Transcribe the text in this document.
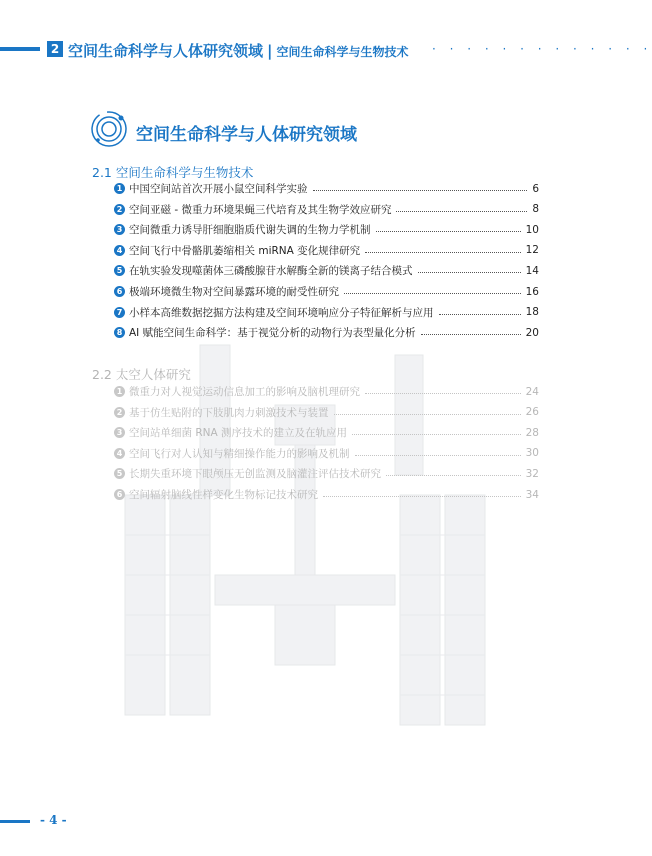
2 空间生命科学与人体研究领域 | 空间生命科学与生物技术 · · · · · · · · · · · · ·
空间生命科学与人体研究领域
2.1 空间生命科学与生物技术
1 中国空间站首次开展小鼠空间科学实验	6
2 空间亚磁 - 微重力环境果蝇三代培育及其生物学效应研究	8
3 空间微重力诱导肝细胞脂质代谢失调的生物力学机制	10
4 空间飞行中骨骼肌萎缩相关 miRNA 变化规律研究	12
5 在轨实验发现噬菌体三磷酸腺苷水解酶全新的镁离子结合模式	14
6 极端环境微生物对空间暴露环境的耐受性研究	16
7 小样本高维数据挖掘方法构建及空间环境响应分子特征解析与应用	18
8 AI 赋能空间生命科学：基于视觉分析的动物行为表型量化分析	20
2.2 太空人体研究
1 微重力对人视觉运动信息加工的影响及脑机理研究	24
2 基于仿生贴附的下肢肌肉力刺激技术与装置	26
3 空间站单细菌 RNA 测序技术的建立及在轨应用	28
4 空间飞行对人认知与精细操作能力的影响及机制	30
5 长期失重环境下眼颅压无创监测及脑灌注评估技术研究	32
6 空间辐射脑线性样变化生物标记技术研究	34
- 4 -
